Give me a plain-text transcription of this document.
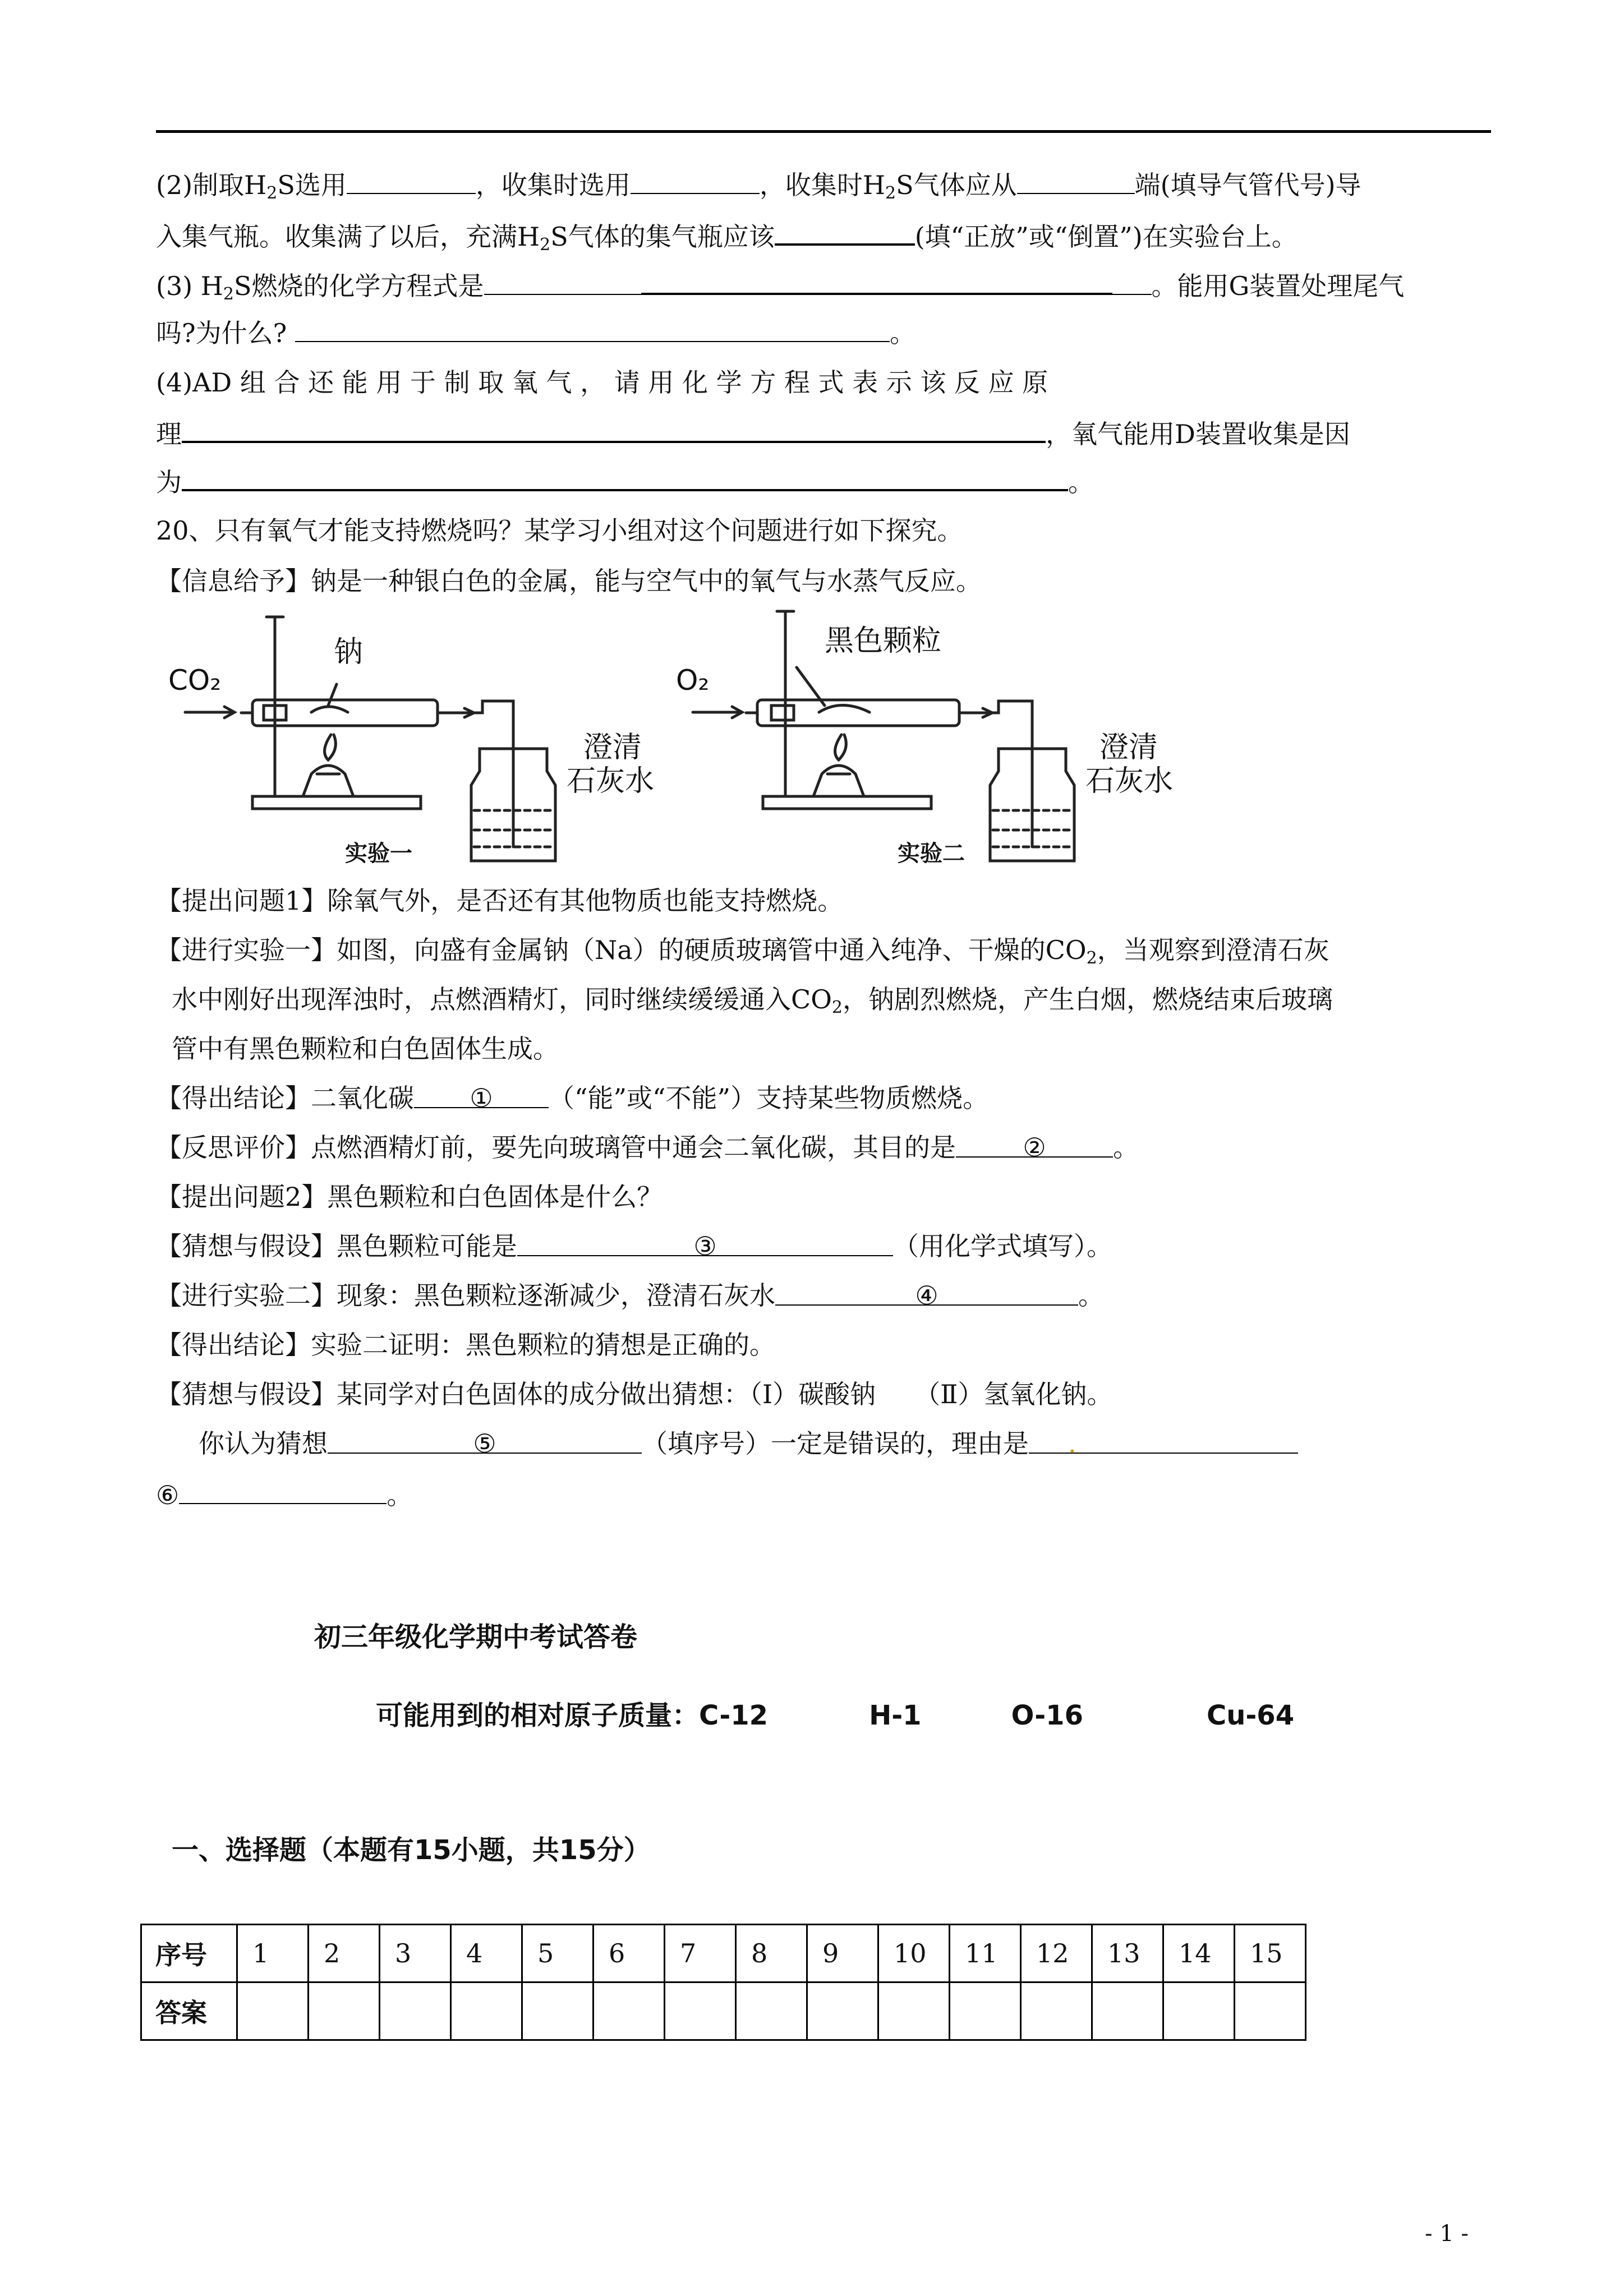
(2)制取$H_2S$选用	，收集时选用	，收集时$H_2S$气体应从	端(填导气管代号)导
入集气瓶。收集满了以后，充满$H_2S$气体的集气瓶应该	(填“正放”或“倒置”)在实验台上。
(3) $H_2S$燃烧的化学方程式是	。能用G装置处理尾气
吗?为什么?	。
(4)AD 组 合 还 能 用 于 制 取 氧 气 ， 请 用 化 学 方 程 式 表 示 该 反 应 原
理	，氧气能用D装置收集是因
为	。
20、只有氧气才能支持燃烧吗？某学习小组对这个问题进行如下探究。
【信息给予】钠是一种银白色的金属，能与空气中的氧气与水蒸气反应。
CO₂
钠
澄清
石灰水
实验一
O₂
黑色颗粒
澄清
石灰水
实验二
【提出问题1】除氧气外，是否还有其他物质也能支持燃烧。
【进行实验一】如图，向盛有金属钠（Na）的硬质玻璃管中通入纯净、干燥的$CO_2$，当观察到澄清石灰
水中刚好出现浑浊时，点燃酒精灯，同时继续缓缓通入$CO_2$，钠剧烈燃烧，产生白烟，燃烧结束后玻璃
管中有黑色颗粒和白色固体生成。
【得出结论】二氧化碳 ① （“能”或“不能”）支持某些物质燃烧。
【反思评价】点燃酒精灯前，要先向玻璃管中通会二氧化碳，其目的是	②	。
【提出问题2】黑色颗粒和白色固体是什么？
【猜想与假设】黑色颗粒可能是	③	（用化学式填写）。
【进行实验二】现象：黑色颗粒逐渐减少，澄清石灰水	④	。
【得出结论】实验二证明：黑色颗粒的猜想是正确的。
【猜想与假设】某同学对白色固体的成分做出猜想：（Ⅰ）碳酸钠　　（Ⅱ）氢氧化钠。
你认为猜想	⑤	（填序号）一定是错误的，理由是 .
⑥	。
初三年级化学期中考试答卷
可能用到的相对原子质量：C-12	H-1	O-16	Cu-64
一、选择题（本题有15小题，共15分）
序号	1	2	3	4	5	6	7	8	9	10	11	12	13	14	15
答案															
- 1 -
